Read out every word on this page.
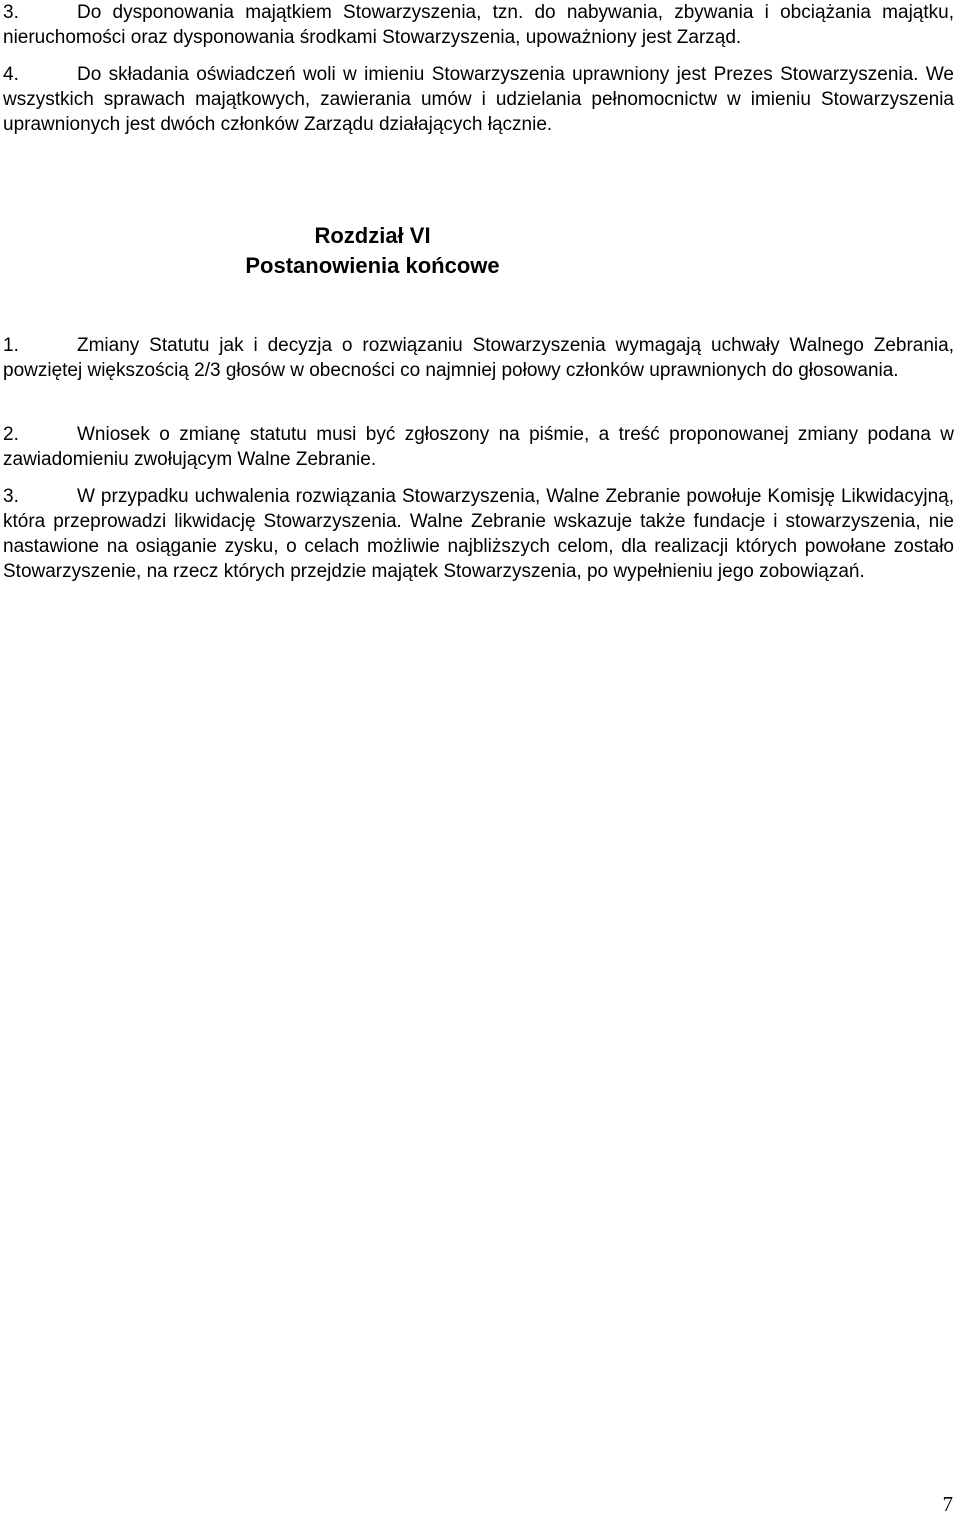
3.	Do dysponowania majątkiem Stowarzyszenia, tzn. do nabywania, zbywania i obciążania majątku, nieruchomości oraz dysponowania środkami Stowarzyszenia, upoważniony jest Zarząd.

4.	Do składania oświadczeń woli w imieniu Stowarzyszenia uprawniony jest Prezes Stowarzyszenia. We wszystkich sprawach majątkowych, zawierania umów i udzielania pełnomocnictw w imieniu Stowarzyszenia uprawnionych jest dwóch członków Zarządu działających łącznie.

Rozdział VI
Postanowienia końcowe

1.	Zmiany Statutu jak i decyzja o rozwiązaniu Stowarzyszenia wymagają uchwały Walnego Zebrania, powziętej większością 2/3 głosów w obecności co najmniej połowy członków uprawnionych do głosowania.

2.	Wniosek o zmianę statutu musi być zgłoszony na piśmie, a treść proponowanej zmiany podana w zawiadomieniu zwołującym Walne Zebranie.

3.	W przypadku uchwalenia rozwiązania Stowarzyszenia, Walne Zebranie powołuje Komisję Likwidacyjną, która przeprowadzi likwidację Stowarzyszenia. Walne Zebranie wskazuje także fundacje i stowarzyszenia, nie nastawione na osiąganie zysku, o celach możliwie najbliższych celom, dla realizacji których powołane zostało Stowarzyszenie, na rzecz których przejdzie majątek Stowarzyszenia, po wypełnieniu jego zobowiązań.

7
